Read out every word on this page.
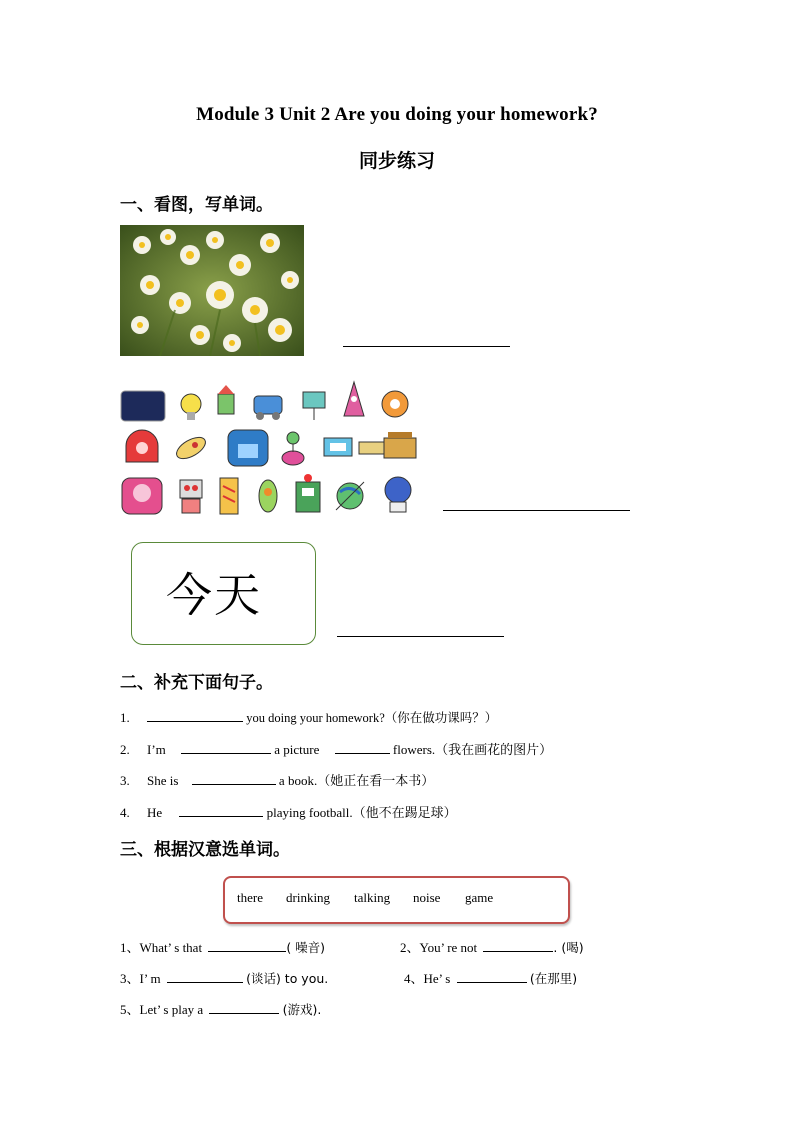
Module 3 Unit 2 Are you doing your homework?
同步练习
一、看图，写单词。
今天
二、补充下面句子。
1.	you doing your homework?（你在做功课吗？）
2. I’m	a picture	flowers.（我在画花的图片）
3. She is	a book.（她正在看一本书）
4. He	playing football.（他不在踢足球）
三、根据汉意选单词。
there drinking talking noise game
1、What’ s that	( 噪音)	2、You’ re not	. (喝)
3、I’ m	(谈话) to you.	4、He’ s	(在那里)
5、Let’ s play a	(游戏).
